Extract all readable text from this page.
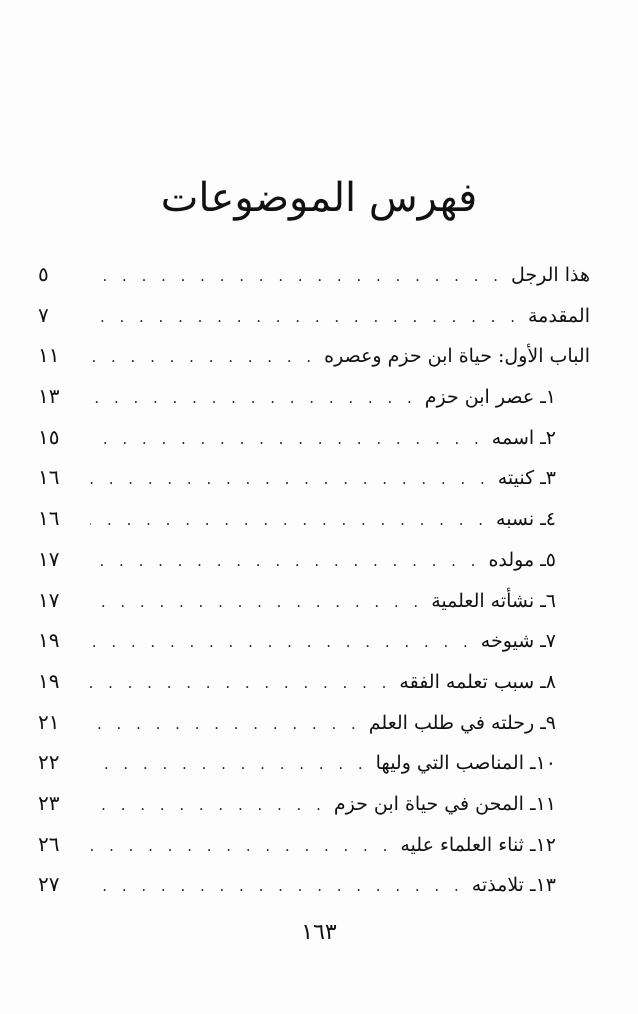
فهرس الموضوعات
هذا الرجل
. . .
٥
المقدمة
. . .
٧
الباب الأول: حياة ابن حزم وعصره
. . .
١١
١ـ عصر ابن حزم
. . .
١٣
٢ـ اسمه
. . .
١٥
٣ـ كنيته
. . .
١٦
٤ـ نسبه
. . .
١٦
٥ـ مولده
. . .
١٧
٦ـ نشأته العلمية
. . .
١٧
٧ـ شيوخه
. . .
١٩
٨ـ سبب تعلمه الفقه
. . .
١٩
٩ـ رحلته في طلب العلم
. . .
٢١
١٠ـ المناصب التي وليها
. . .
٢٢
١١ـ المحن في حياة ابن حزم
. . .
٢٣
١٢ـ ثناء العلماء عليه
. . .
٢٦
١٣ـ تلامذته
. . .
٢٧
١٦٣
